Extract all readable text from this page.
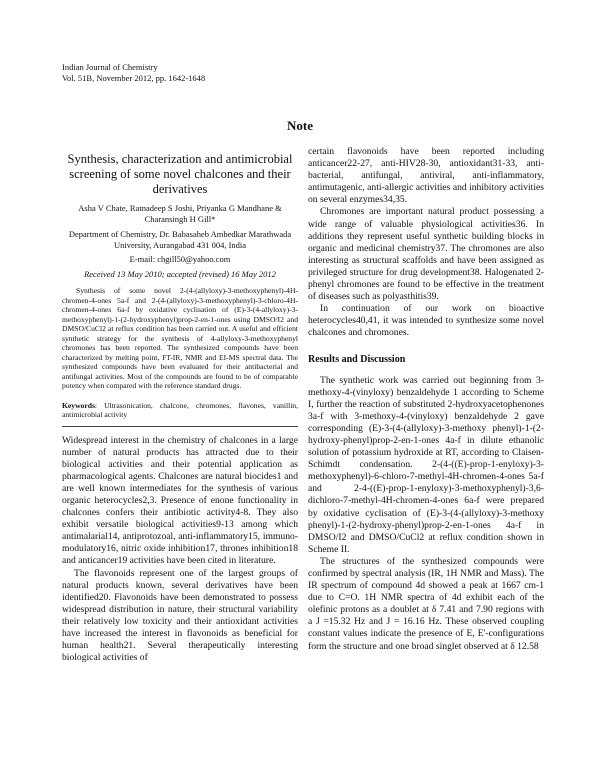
Indian Journal of Chemistry
Vol. 51B, November 2012, pp. 1642-1648
Note
Synthesis, characterization and antimicrobial screening of some novel chalcones and their derivatives

Asha V Chate, Ratnadeep S Joshi, Priyanka G Mandhane & Charansingh H Gill*

Department of Chemistry, Dr. Babasaheb Ambedkar Marathwada University, Aurangabad 431 004, India

E-mail: chgill50@yahoo.com

Received 13 May 2010; accepted (revised) 16 May 2012

Synthesis of some novel 2-(4-(allyloxy)-3-methoxyphenyl)-4H-chromen-4-ones 5a-f and 2-(4-(allyloxy)-3-methoxyphenyl)-3-chloro-4H-chromen-4-ones 6a-f by oxidative cyclisation of (E)-3-(4-allyloxy)-3-methoxyphenyl)-1-(2-hydroxyphenyl)prop-2-en-1-ones using DMSO/I2 and DMSO/CuCl2 at reflux condition has been carried out. A useful and efficient synthetic strategy for the synthesis of 4-allyloxy-3-methoxyphenyl chromones has been reported. The synthesized compounds have been characterized by melting point, FT-IR, NMR and EI-MS spectral data. The synthesized compounds have been evaluated for their antibacterial and antifungal activities. Most of the compounds are found to be of comparable potency when compared with the reference standard drugs.

Keywords: Ultrasonication, chalcone, chromones, flavones, vanillin, antimicrobial activity

Widespread interest in the chemistry of chalcones in a large number of natural products has attracted due to their biological activities and their potential application as pharmacological agents. Chalcones are natural biocides1 and are well known intermediates for the synthesis of various organic heterocycles2,3. Presence of enone functionality in chalcones confers their antibiotic activity4-8. They also exhibit versatile biological activities9-13 among which antimalarial14, antiprotozoal, anti-inflammatory15, immuno-modulatory16, nitric oxide inhibition17, thrones inhibition18 and anticancer19 activities have been cited in literature.

The flavonoids represent one of the largest groups of natural products known, several derivatives have been identified20. Flavonoids have been demonstrated to possess widespread distribution in nature, their structural variability their relatively low toxicity and their antioxidant activities have increased the interest in flavonoids as beneficial for human health21. Several therapeutically interesting biological activities of

certain flavonoids have been reported including anticancer22-27, anti-HIV28-30, antioxidant31-33, anti-bacterial, antifungal, antiviral, anti-inflammatory, antimutagenic, anti-allergic activities and inhibitory activities on several enzymes34,35.

Chromones are important natural product possessing a wide range of valuable physiological activities36. In additions they represent useful synthetic building blocks in organic and medicinal chemistry37. The chromones are also interesting as structural scaffolds and have been assigned as privileged structure for drug development38. Halogenated 2-phenyl chromones are found to be effective in the treatment of diseases such as polyasthitis39.

In continuation of our work on bioactive heterocycles40,41, it was intended to synthesize some novel chalcones and chromones.

Results and Discussion

The synthetic work was carried out beginning from 3-methoxy-4-(vinyloxy) benzaldehyde 1 according to Scheme I, further the reaction of substituted 2-hydroxyacetophenones 3a-f with 3-methoxy-4-(vinyloxy) benzaldehyde 2 gave corresponding (E)-3-(4-(allyloxy)-3-methoxy phenyl)-1-(2-hydroxy-phenyl)prop-2-en-1-ones 4a-f in dilute ethanolic solution of potassium hydroxide at RT, according to Claisen-Schimdt condensation. 2-(4-((E)-prop-1-enyloxy)-3-methoxyphenyl)-6-chloro-7-methyl-4H-chromen-4-ones 5a-f and 2-4-((E)-prop-1-enyloxy)-3-methoxyphenyl)-3,6-dichloro-7-methyl-4H-chromen-4-ones 6a-f were prepared by oxidative cyclisation of (E)-3-(4-(allyloxy)-3-methoxy phenyl)-1-(2-hydroxy-phenyl)prop-2-en-1-ones 4a-f in DMSO/I2 and DMSO/CuCl2 at reflux condition shown in Scheme II.

The structures of the synthesized compounds were confirmed by spectral analysis (IR, 1H NMR and Mass). The IR spectrum of compound 4d showed a peak at 1667 cm-1 due to C=O. 1H NMR spectra of 4d exhibit each of the olefinic protons as a doublet at δ 7.41 and 7.90 regions with a J =15.32 Hz and J = 16.16 Hz. These observed coupling constant values indicate the presence of E, E'-configurations form the structure and one broad singlet observed at δ 12.58
